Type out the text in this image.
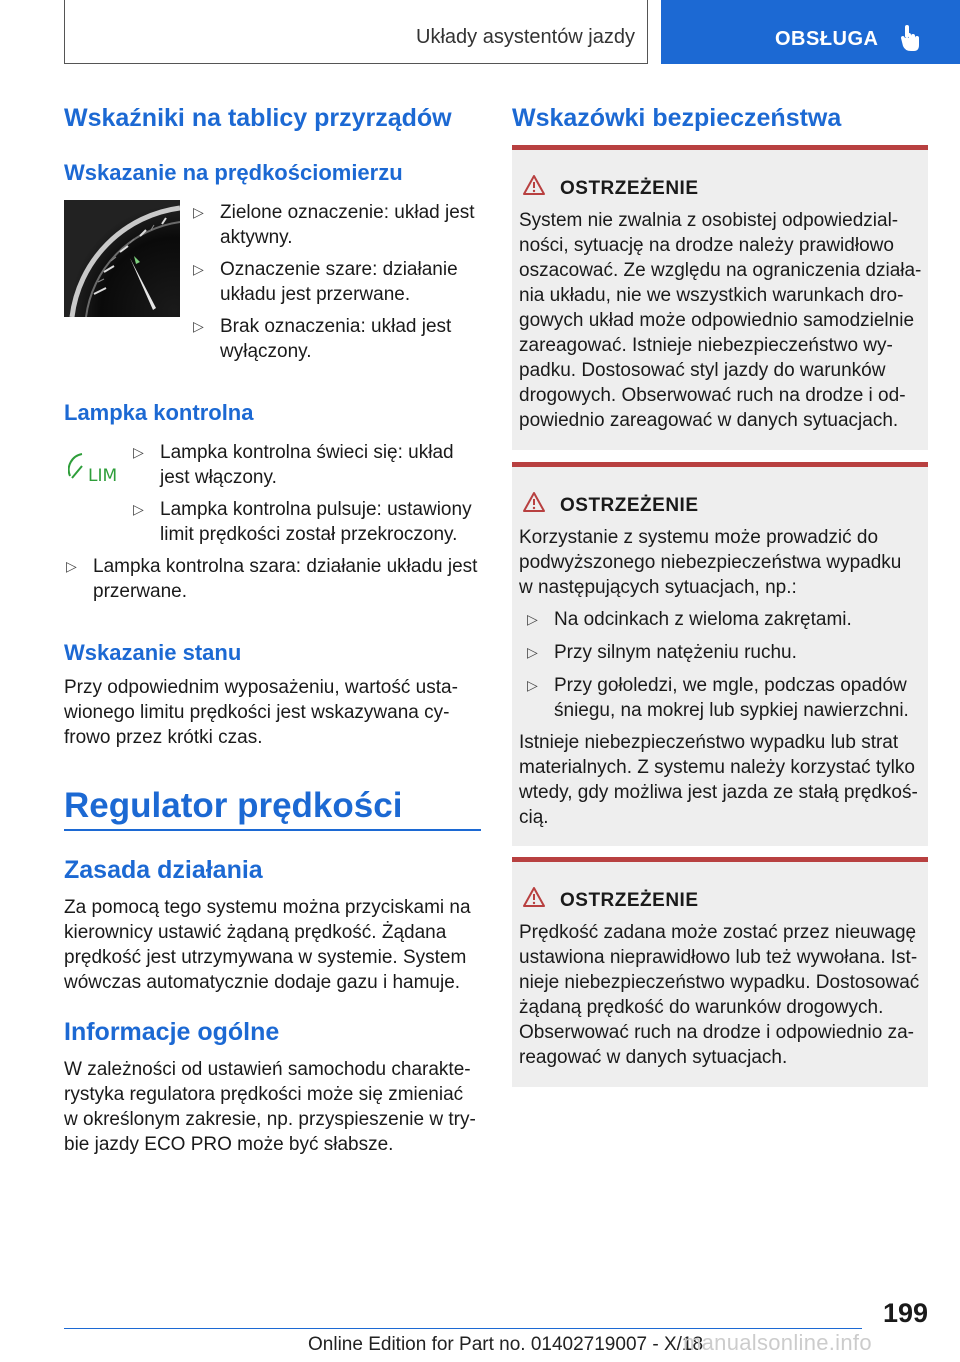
Układy asystentów jazdy	OBSŁUGA
Wskaźniki na tablicy przyrządów
Wskazanie na prędkościomierzu
▷ Zielone oznaczenie: układ jest
aktywny.
▷ Oznaczenie szare: działanie
układu jest przerwane.
▷ Brak oznaczenia: układ jest
wyłączony.
Lampka kontrolna
LIM
▷ Lampka kontrolna świeci się: układ
jest włączony.
▷ Lampka kontrolna pulsuje: ustawiony
limit prędkości został przekroczony.
▷ Lampka kontrolna szara: działanie układu jest
przerwane.
Wskazanie stanu
Przy odpowiednim wyposażeniu, wartość usta-
wionego limitu prędkości jest wskazywana cy-
frowo przez krótki czas.
Regulator prędkości
Zasada działania
Za pomocą tego systemu można przyciskami na
kierownicy ustawić żądaną prędkość. Żądana
prędkość jest utrzymywana w systemie. System
wówczas automatycznie dodaje gazu i hamuje.
Informacje ogólne
W zależności od ustawień samochodu charakte-
rystyka regulatora prędkości może się zmieniać
w określonym zakresie, np. przyspieszenie w try-
bie jazdy ECO PRO może być słabsze.
Wskazówki bezpieczeństwa
OSTRZEŻENIE
System nie zwalnia z osobistej odpowiedzial-
ności, sytuację na drodze należy prawidłowo
oszacować. Ze względu na ograniczenia działa-
nia układu, nie we wszystkich warunkach dro-
gowych układ może odpowiednio samodzielnie
zareagować. Istnieje niebezpieczeństwo wy-
padku. Dostosować styl jazdy do warunków
drogowych. Obserwować ruch na drodze i od-
powiednio zareagować w danych sytuacjach.
OSTRZEŻENIE
Korzystanie z systemu może prowadzić do
podwyższonego niebezpieczeństwa wypadku
w następujących sytuacjach, np.:
▷ Na odcinkach z wieloma zakrętami.
▷ Przy silnym natężeniu ruchu.
▷ Przy gołoledzi, we mgle, podczas opadów
śniegu, na mokrej lub sypkiej nawierzchni.
Istnieje niebezpieczeństwo wypadku lub strat
materialnych. Z systemu należy korzystać tylko
wtedy, gdy możliwa jest jazda ze stałą prędkoś-
cią.
OSTRZEŻENIE
Prędkość zadana może zostać przez nieuwagę
ustawiona nieprawidłowo lub też wywołana. Ist-
nieje niebezpieczeństwo wypadku. Dostosować
żądaną prędkość do warunków drogowych.
Obserwować ruch na drodze i odpowiednio za-
reagować w danych sytuacjach.
199
Online Edition for Part no. 01402719007 - X/18
manualsonline.info
